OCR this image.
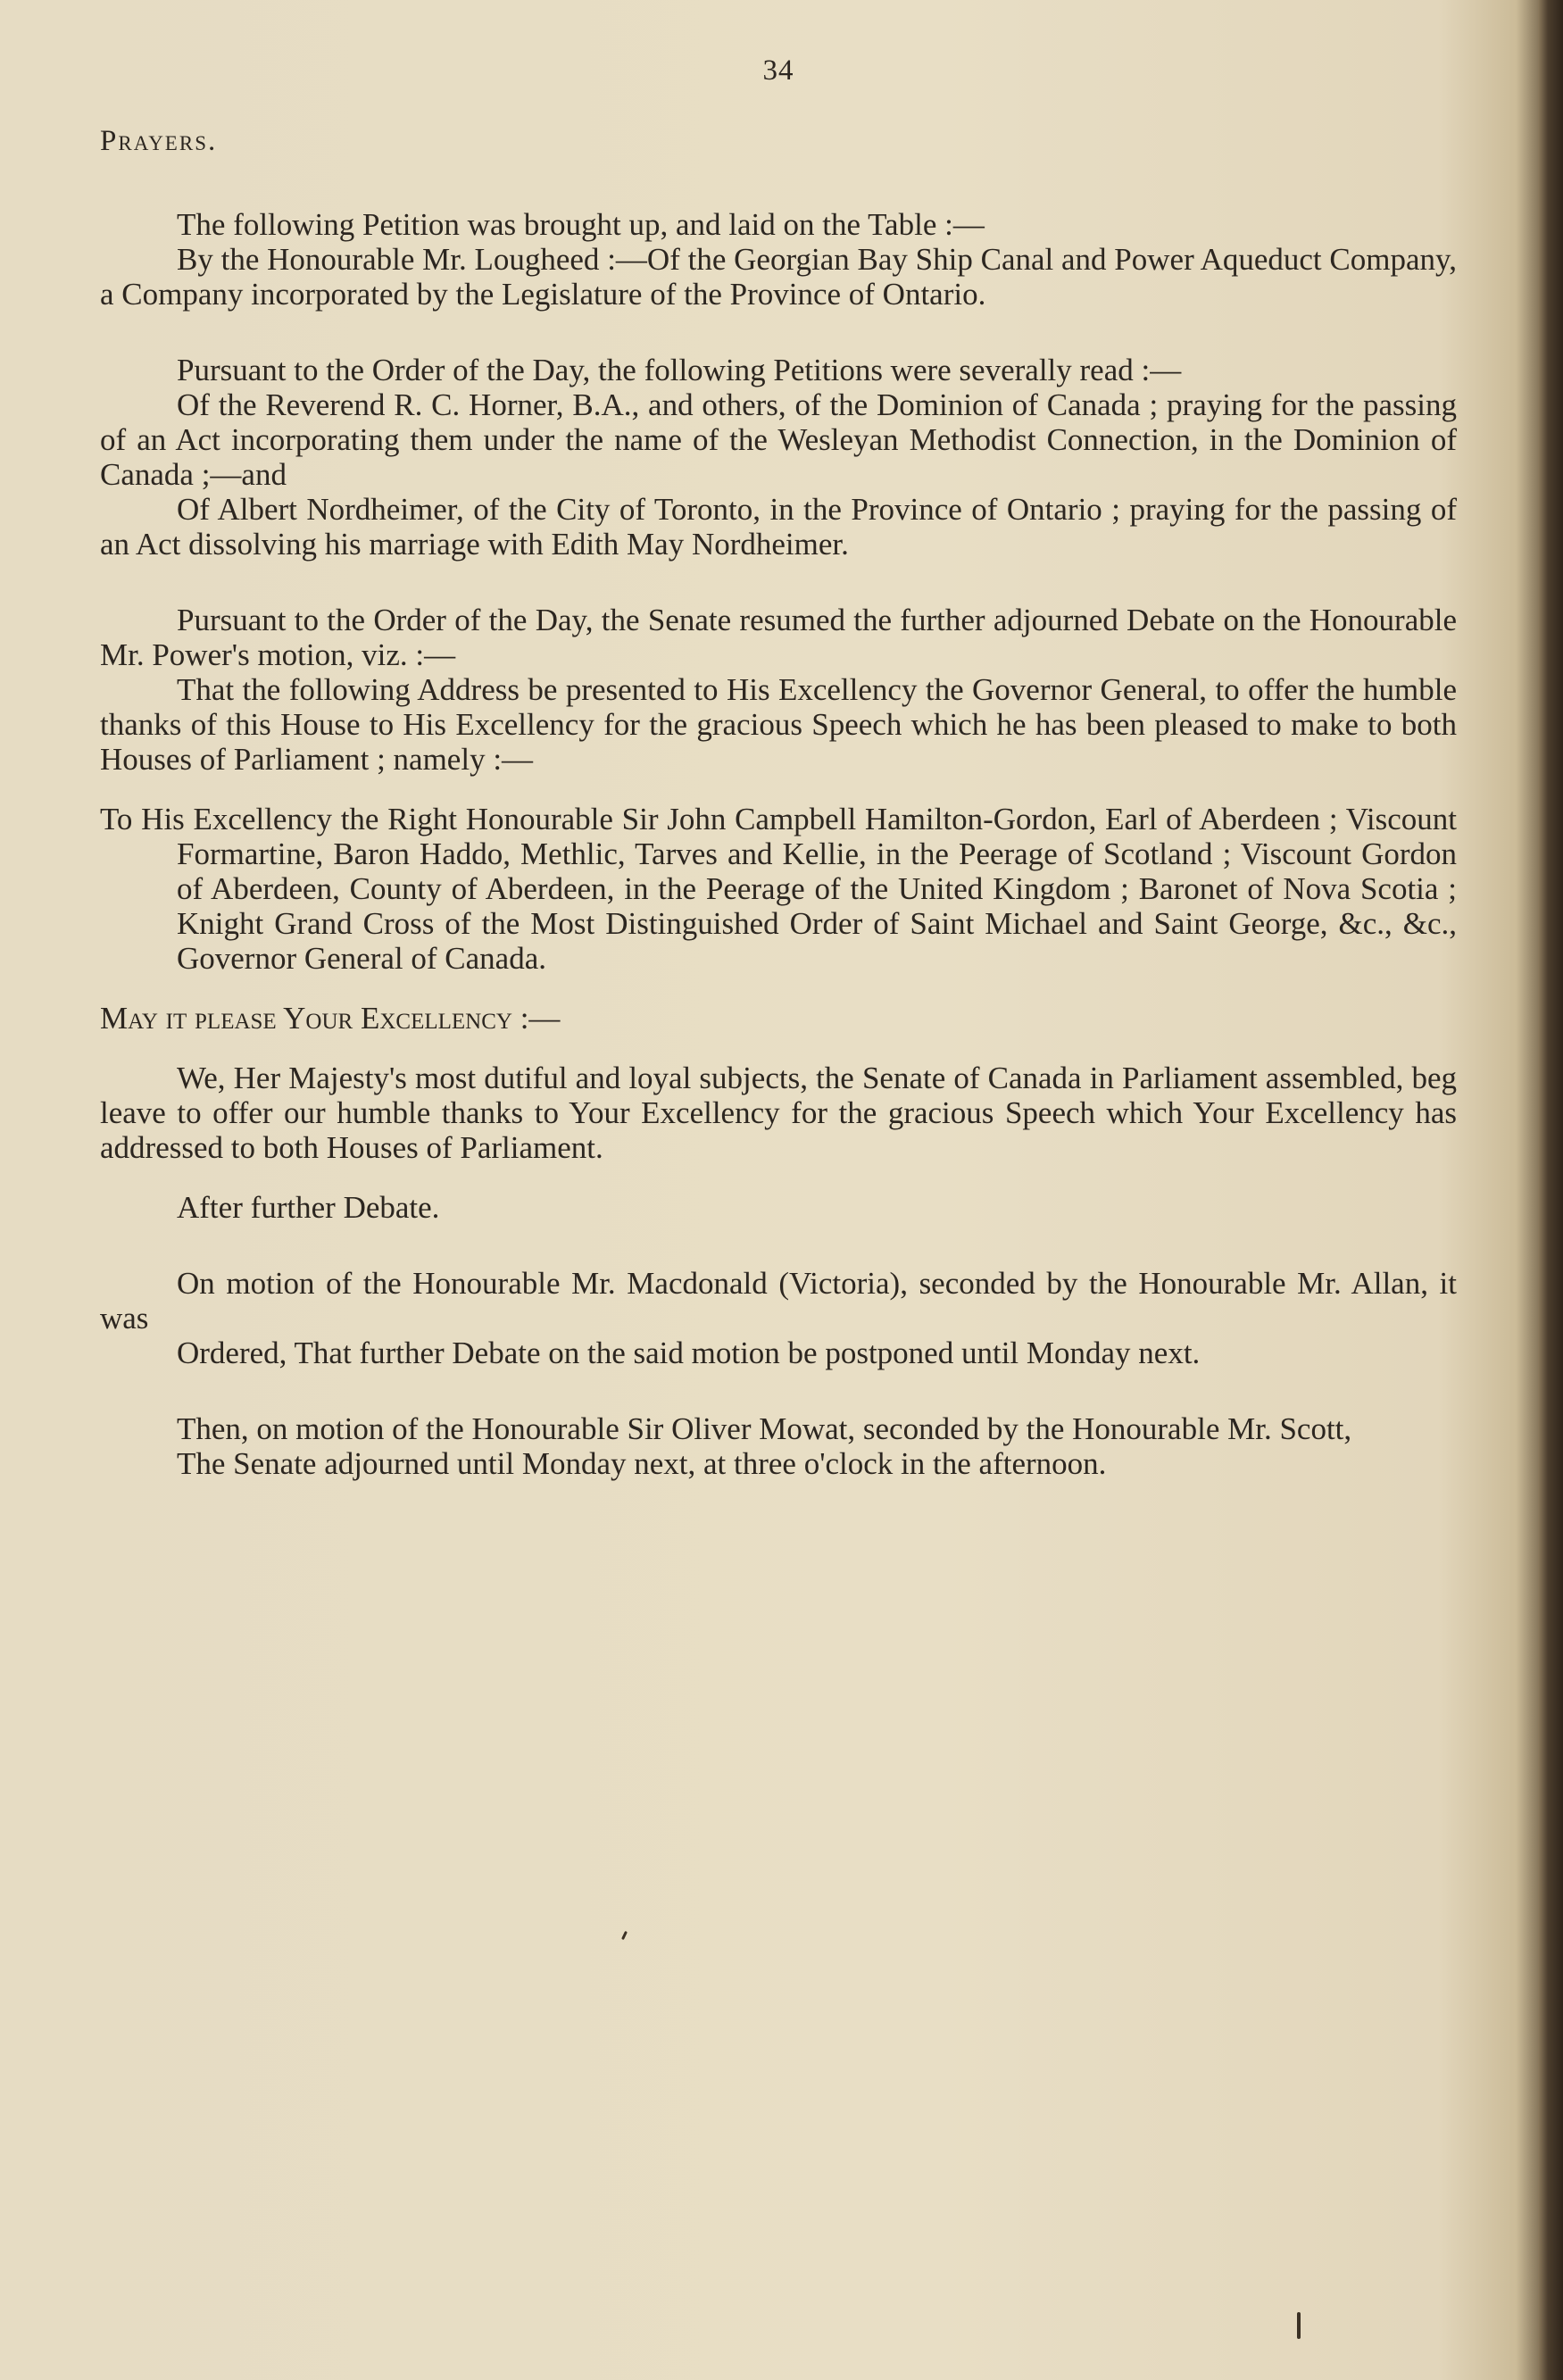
34
Prayers.

The following Petition was brought up, and laid on the Table :—

By the Honourable Mr. Lougheed :—Of the Georgian Bay Ship Canal and Power Aqueduct Company, a Company incorporated by the Legislature of the Province of Ontario.

Pursuant to the Order of the Day, the following Petitions were severally read :—

Of the Reverend R. C. Horner, B.A., and others, of the Dominion of Canada ; praying for the passing of an Act incorporating them under the name of the Wesleyan Methodist Connection, in the Dominion of Canada ;—and

Of Albert Nordheimer, of the City of Toronto, in the Province of Ontario ; praying for the passing of an Act dissolving his marriage with Edith May Nordheimer.

Pursuant to the Order of the Day, the Senate resumed the further adjourned Debate on the Honourable Mr. Power's motion, viz. :—

That the following Address be presented to His Excellency the Governor General, to offer the humble thanks of this House to His Excellency for the gracious Speech which he has been pleased to make to both Houses of Parliament ; namely :—

To His Excellency the Right Honourable Sir John Campbell Hamilton-Gordon, Earl of Aberdeen ; Viscount Formartine, Baron Haddo, Methlic, Tarves and Kellie, in the Peerage of Scotland ; Viscount Gordon of Aberdeen, County of Aberdeen, in the Peerage of the United Kingdom ; Baronet of Nova Scotia ; Knight Grand Cross of the Most Distinguished Order of Saint Michael and Saint George, &c., &c., Governor General of Canada.

May it please Your Excellency :—

We, Her Majesty's most dutiful and loyal subjects, the Senate of Canada in Parliament assembled, beg leave to offer our humble thanks to Your Excellency for the gracious Speech which Your Excellency has addressed to both Houses of Parliament.

After further Debate.

On motion of the Honourable Mr. Macdonald (Victoria), seconded by the Honourable Mr. Allan, it was

Ordered, That further Debate on the said motion be postponed until Monday next.

Then, on motion of the Honourable Sir Oliver Mowat, seconded by the Honourable Mr. Scott,

The Senate adjourned until Monday next, at three o'clock in the afternoon.
